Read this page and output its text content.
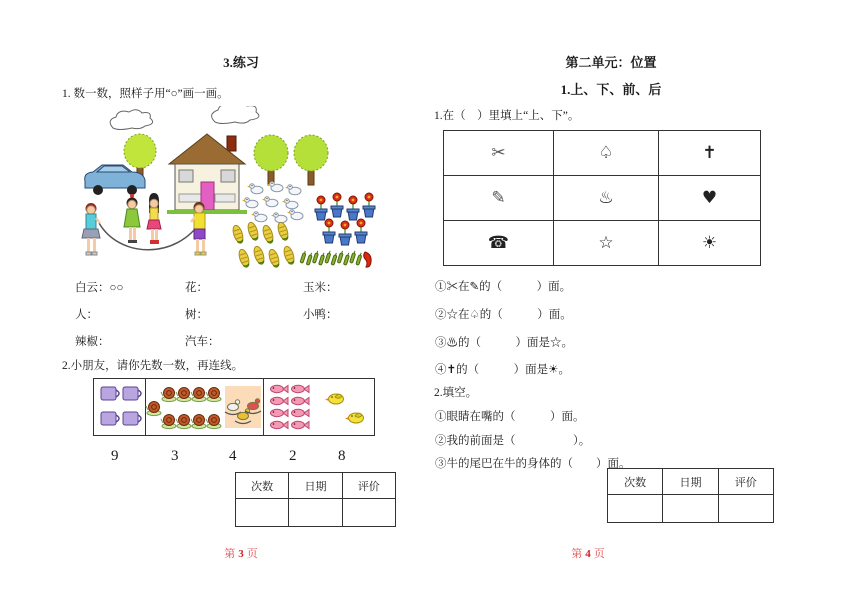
3.练习
1. 数一数，照样子用“○”画一画。
白云：○○	花：	玉米：
人：	树：	小鸭：
辣椒：	汽车：
2.小朋友，请你先数一数，再连线。
9	3	4	2	8
次数	日期	评价
第 3 页
第二单元：位置
1.上、下、前、后
1.在（　）里填上“上、下”。
✂	♤	✝
✎	♨	♥
☎	☆	☀
①✂在✎的（　　　）面。
②☆在♤的（　　　）面。
③♨的（　　　）面是☆。
④✝的（　　　）面是☀。
2.填空。
①眼睛在嘴的（　　　）面。
②我的前面是（　　　　　）。
③牛的尾巴在牛的身体的（　　）面。
次数	日期	评价
第 4 页
